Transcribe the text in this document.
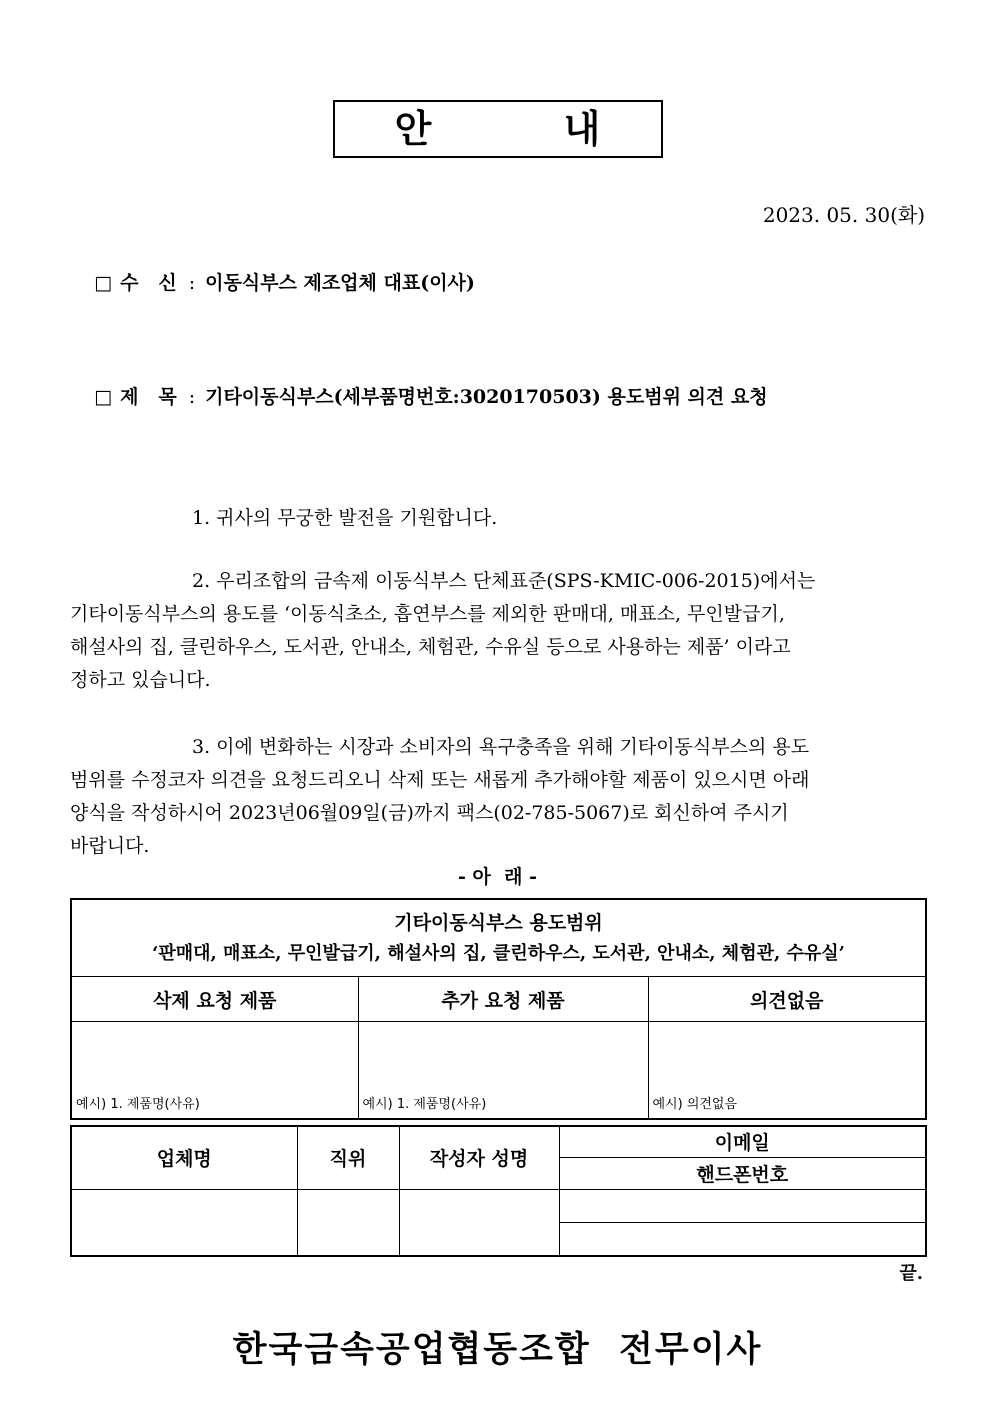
안          내
2023. 05. 30(화)

□ 수   신 : 이동식부스 제조업체 대표(이사)

□ 제   목 : 기타이동식부스(세부품명번호:3020170503) 용도범위 의견 요청

1. 귀사의 무궁한 발전을 기원합니다.
2. 우리조합의 금속제 이동식부스 단체표준(SPS-KMIC-006-2015)에서는
기타이동식부스의 용도를 ‘이동식초소, 흡연부스를 제외한 판매대, 매표소, 무인발급기,
해설사의 집, 클린하우스, 도서관, 안내소, 체험관, 수유실 등으로 사용하는 제품’ 이라고
정하고 있습니다.
3. 이에 변화하는 시장과 소비자의 욕구충족을 위해 기타이동식부스의 용도
범위를 수정코자 의견을 요청드리오니 삭제 또는 새롭게 추가해야할 제품이 있으시면 아래
양식을 작성하시어 2023년06월09일(금)까지 팩스(02-785-5067)로 회신하여 주시기
바랍니다.
- 아  래 -
기타이동식부스 용도범위
‘판매대, 매표소, 무인발급기, 해설사의 집, 클린하우스, 도서관, 안내소, 체험관, 수유실’		

삭제 요청 제품	추가 요청 제품	의견없음
예시) 1. 제품명(사유)	예시) 1. 제품명(사유)	예시) 의견없음
업체명	직위	작성자 성명	이메일
			핸드폰번호

끝.
한국금속공업협동조합  전무이사
